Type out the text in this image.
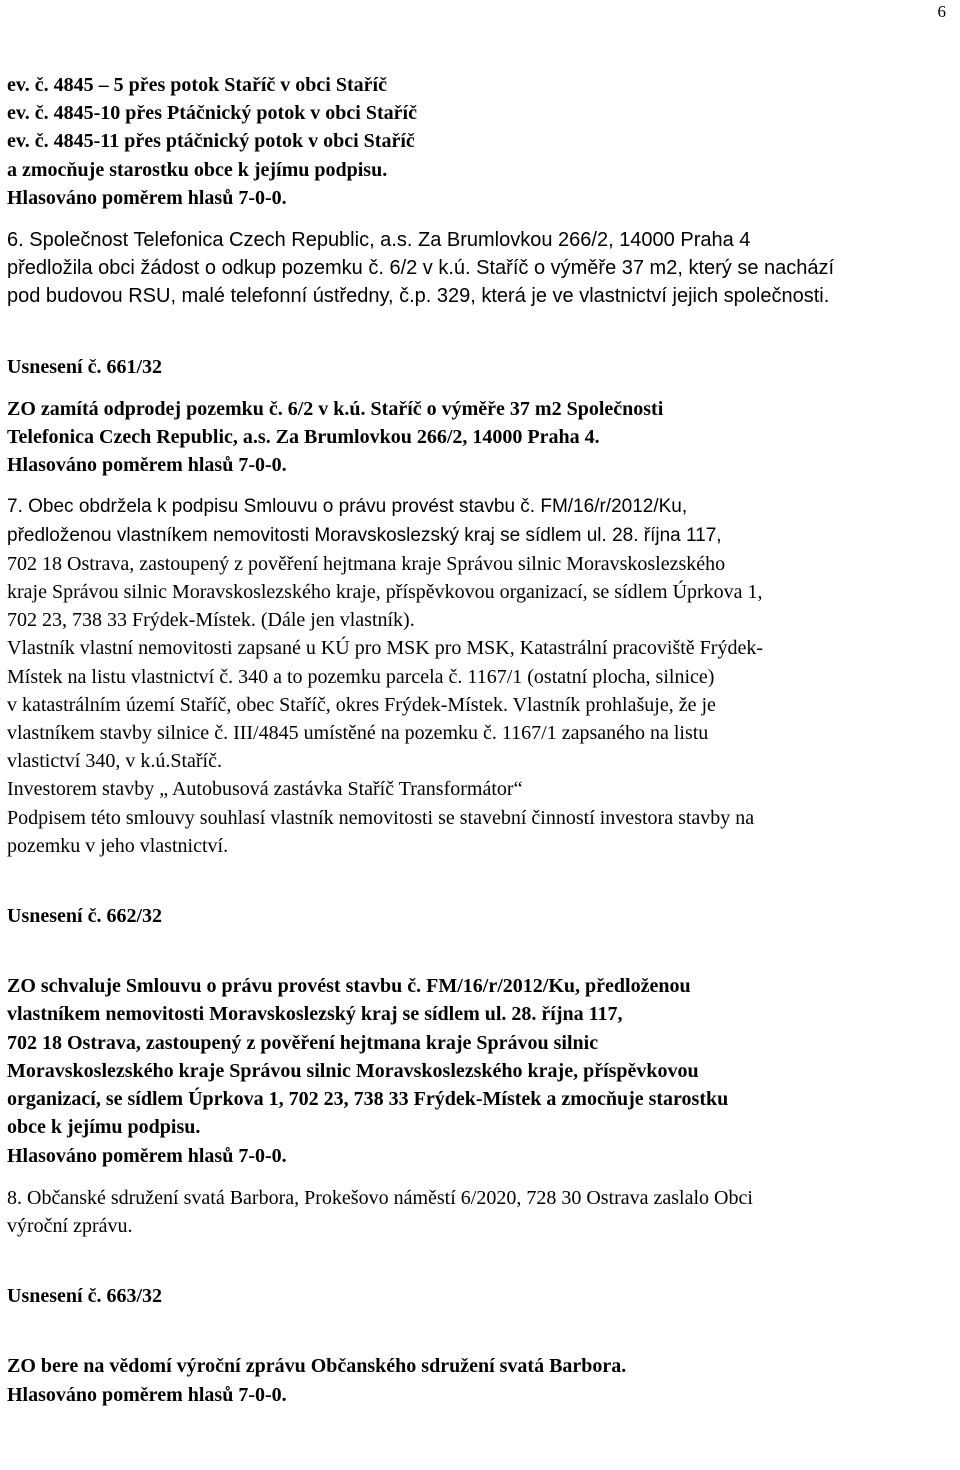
6
ev. č. 4845 – 5 přes potok Staříč v obci Staříč
ev. č. 4845-10 přes Ptáčnický potok v obci Staříč
ev. č. 4845-11 přes ptáčnický potok v obci Staříč
a zmocňuje starostku obce k jejímu podpisu.
Hlasováno poměrem hlasů 7-0-0.
6. Společnost Telefonica Czech Republic, a.s. Za Brumlovkou 266/2, 14000 Praha 4
předložila obci žádost o odkup pozemku č. 6/2 v k.ú. Staříč o výměře 37 m2, který se nachází
pod budovou RSU, malé telefonní ústředny, č.p. 329, která je ve vlastnictví jejich společnosti.
Usnesení č. 661/32
ZO zamítá odprodej pozemku č. 6/2 v k.ú. Staříč o výměře 37 m2 Společnosti
Telefonica Czech Republic, a.s. Za Brumlovkou 266/2, 14000 Praha 4.
Hlasováno poměrem hlasů 7-0-0.
7. Obec obdržela k podpisu Smlouvu o právu provést stavbu č. FM/16/r/2012/Ku,
předloženou vlastníkem nemovitosti Moravskoslezský kraj se sídlem ul. 28. října 117,
702 18 Ostrava, zastoupený z pověření hejtmana kraje Správou silnic Moravskoslezského
kraje Správou silnic Moravskoslezského kraje, příspěvkovou organizací, se sídlem Úprkova 1,
702 23, 738 33 Frýdek-Místek. (Dále jen vlastník).
Vlastník vlastní nemovitosti zapsané u KÚ pro MSK pro MSK, Katastrální pracoviště Frýdek-
Místek na listu vlastnictví č. 340 a to pozemku parcela č. 1167/1 (ostatní plocha, silnice)
v katastrálním území Staříč, obec Staříč, okres Frýdek-Místek. Vlastník prohlašuje, že je
vlastníkem stavby silnice č. III/4845 umístěné na pozemku č. 1167/1 zapsaného na listu
vlastictví 340, v k.ú.Staříč.
Investorem stavby „ Autobusová zastávka Staříč Transformátor“
Podpisem této smlouvy souhlasí vlastník nemovitosti se stavební činností investora stavby na
pozemku v jeho vlastnictví.
Usnesení č. 662/32
ZO schvaluje Smlouvu o právu provést stavbu č. FM/16/r/2012/Ku, předloženou
vlastníkem nemovitosti Moravskoslezský kraj se sídlem ul. 28. října 117,
702 18 Ostrava, zastoupený z pověření hejtmana kraje Správou silnic
Moravskoslezského kraje Správou silnic Moravskoslezského kraje, příspěvkovou
organizací, se sídlem Úprkova 1, 702 23, 738 33 Frýdek-Místek a zmocňuje starostku
obce k jejímu podpisu.
Hlasováno poměrem hlasů 7-0-0.
8. Občanské sdružení svatá Barbora, Prokešovo náměstí 6/2020, 728 30 Ostrava zaslalo Obci
výroční zprávu.
Usnesení č. 663/32
ZO bere na vědomí výroční zprávu Občanského sdružení svatá Barbora.
Hlasováno poměrem hlasů 7-0-0.
